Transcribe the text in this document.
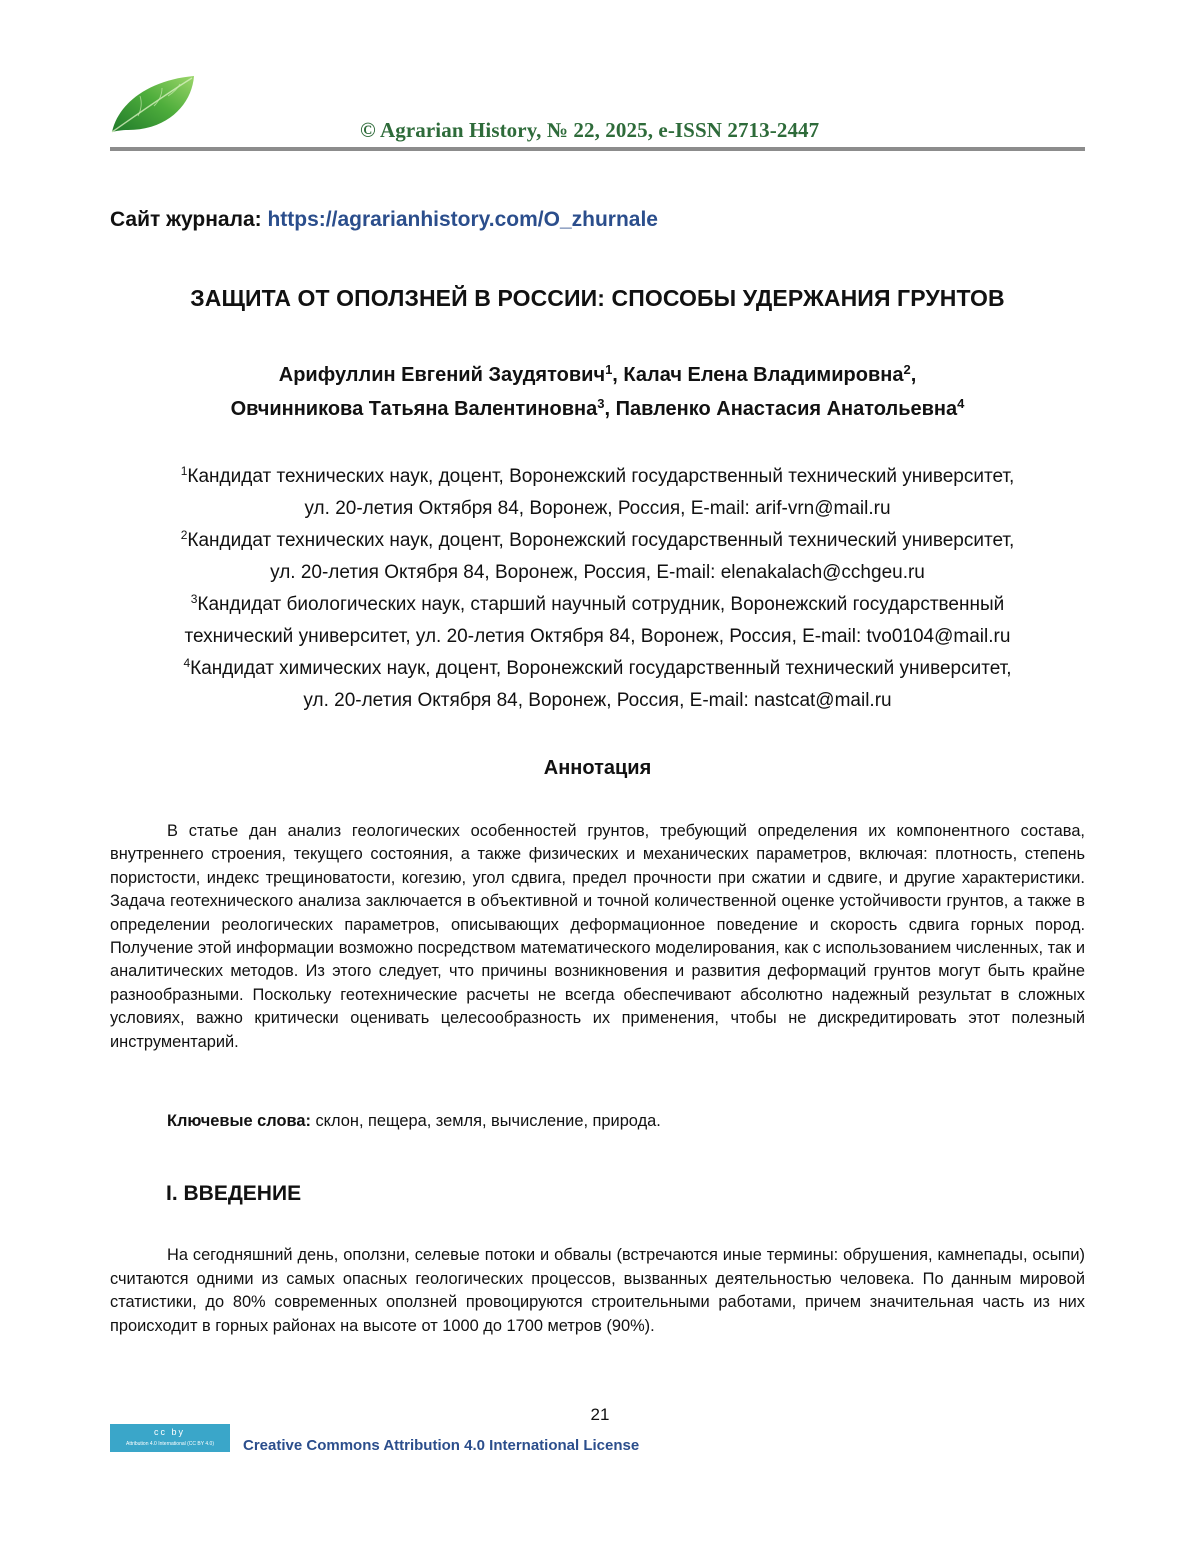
© Agrarian History, № 22, 2025, e-ISSN 2713-2447
Сайт журнала: https://agrarianhistory.com/O_zhurnale
ЗАЩИТА ОТ ОПОЛЗНЕЙ В РОССИИ: СПОСОБЫ УДЕРЖАНИЯ ГРУНТОВ
Арифуллин Евгений Заудятович$^1$, Калач Елена Владимировна$^2$,
Овчинникова Татьяна Валентиновна$^3$, Павленко Анастасия Анатольевна$^4$
$^1$Кандидат технических наук, доцент, Воронежский государственный технический университет,
ул. 20-летия Октября 84, Воронеж, Россия, E-mail: arif-vrn@mail.ru
$^2$Кандидат технических наук, доцент, Воронежский государственный технический университет,
ул. 20-летия Октября 84, Воронеж, Россия, E-mail: elenakalach@cchgeu.ru
$^3$Кандидат биологических наук, старший научный сотрудник, Воронежский государственный
технический университет, ул. 20-летия Октября 84, Воронеж, Россия, E-mail: tvo0104@mail.ru
$^4$Кандидат химических наук, доцент, Воронежский государственный технический университет,
ул. 20-летия Октября 84, Воронеж, Россия, E-mail: nastcat@mail.ru
Аннотация

В статье дан анализ геологических особенностей грунтов, требующий определения их компонентного состава, внутреннего строения, текущего состояния, а также физических и механических параметров, включая: плотность, степень пористости, индекс трещиноватости, когезию, угол сдвига, предел прочности при сжатии и сдвиге, и другие характеристики. Задача геотехнического анализа заключается в объективной и точной количественной оценке устойчивости грунтов, а также в определении реологических параметров, описывающих деформационное поведение и скорость сдвига горных пород. Получение этой информации возможно посредством математического моделирования, как с использованием численных, так и аналитических методов. Из этого следует, что причины возникновения и развития деформаций грунтов могут быть крайне разнообразными. Поскольку геотехнические расчеты не всегда обеспечивают абсолютно надежный результат в сложных условиях, важно критически оценивать целесообразность их применения, чтобы не дискредитировать этот полезный инструментарий.

Ключевые слова: склон, пещера, земля, вычисление, природа.
I. ВВЕДЕНИЕ

На сегодняшний день, оползни, селевые потоки и обвалы (встречаются иные термины: обрушения, камнепады, осыпи) считаются одними из самых опасных геологических процессов, вызванных деятельностью человека. По данным мировой статистики, до 80% современных оползней провоцируются строительными работами, причем значительная часть из них происходит в горных районах на высоте от 1000 до 1700 метров (90%).

21
cc by
Attribution 4.0 International (CC BY 4.0)	Creative Commons Attribution 4.0 International License
